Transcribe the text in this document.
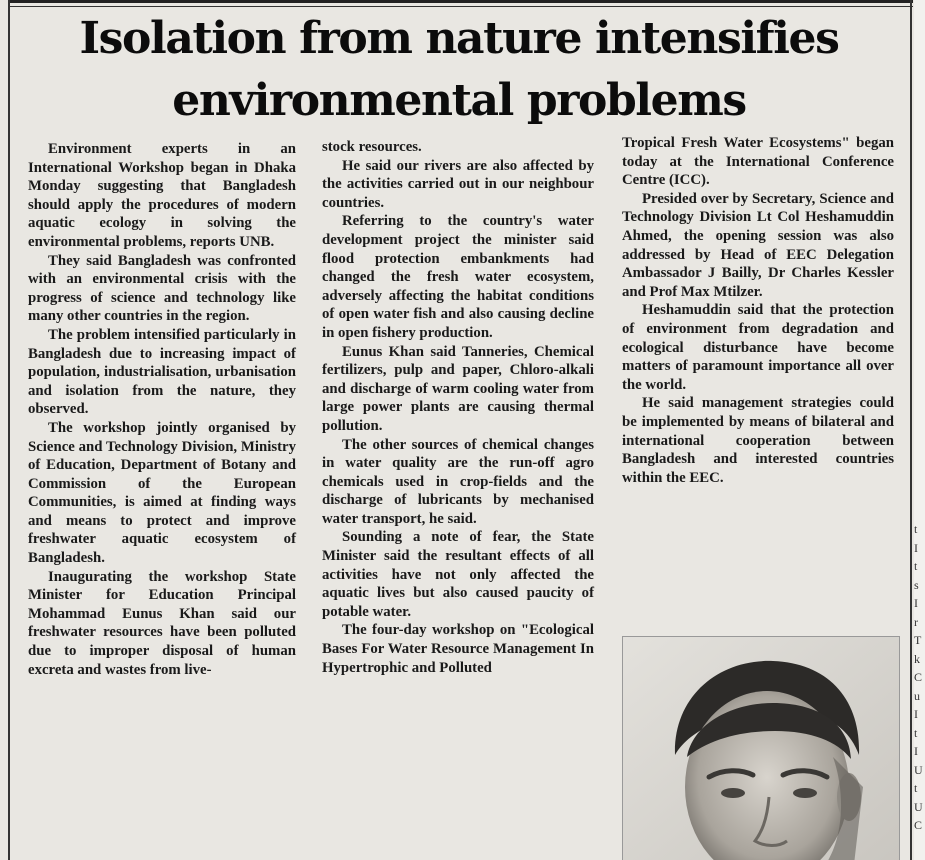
Isolation from nature intensifies
environmental problems

Environment experts in an International Workshop began in Dhaka Monday suggesting that Bangladesh should apply the procedures of modern aquatic ecology in solving the environmental problems, reports UNB.

They said Bangladesh was confronted with an environmental crisis with the progress of science and technology like many other countries in the region.

The problem intensified particularly in Bangladesh due to increasing impact of population, industrialisation, urbanisation and isolation from the nature, they observed.

The workshop jointly organised by Science and Technology Division, Ministry of Education, Department of Botany and Commission of the European Communities, is aimed at finding ways and means to protect and improve freshwater aquatic ecosystem of Bangladesh.

Inaugurating the workshop State Minister for Education Principal Mohammad Eunus Khan said our freshwater resources have been polluted due to improper disposal of human excreta and wastes from live-

stock resources.

He said our rivers are also affected by the activities carried out in our neighbour countries.

Referring to the country's water development project the minister said flood protection embankments had changed the fresh water ecosystem, adversely affecting the habitat conditions of open water fish and also causing decline in open fishery production.

Eunus Khan said Tanneries, Chemical fertilizers, pulp and paper, Chloro-alkali and discharge of warm cooling water from large power plants are causing thermal pollution.

The other sources of chemical changes in water quality are the run-off agro chemicals used in crop-fields and the discharge of lubricants by mechanised water transport, he said.

Sounding a note of fear, the State Minister said the resultant effects of all activities have not only affected the aquatic lives but also caused paucity of potable water.

The four-day workshop on "Ecological Bases For Water Resource Management In Hypertrophic and Polluted

Tropical Fresh Water Ecosystems" began today at the International Conference Centre (ICC).

Presided over by Secretary, Science and Technology Division Lt Col Heshamuddin Ahmed, the opening session was also addressed by Head of EEC Delegation Ambassador J Bailly, Dr Charles Kessler and Prof Max Mtilzer.

Heshamuddin said that the protection of environment from degradation and ecological disturbance have become matters of paramount importance all over the world.

He said management strategies could be implemented by means of bilateral and international cooperation between Bangladesh and interested countries within the EEC.

t
I
t
s
I
r
T
k
C
u
I
t
I
U
t
U
C
